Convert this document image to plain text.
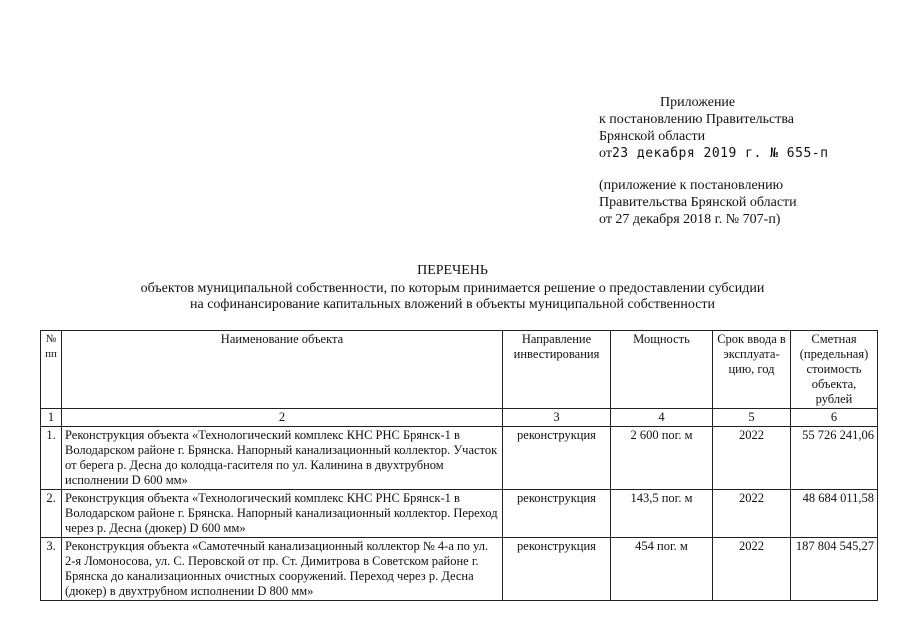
Приложение
к постановлению Правительства
Брянской области
от23 декабря 2019 г. № 655-п
(приложение к постановлению
Правительства Брянской области
от 27 декабря 2018 г. № 707-п)
ПЕРЕЧЕНЬ
объектов муниципальной собственности, по которым принимается решение о предоставлении субсидии
на софинансирование капитальных вложений в объекты муниципальной собственности
№ пп	Наименование объекта	Направление инвестирования	Мощность	Срок ввода в эксплуата-цию, год	Сметная (предельная) стоимость объекта, рублей
1	2	3	4	5	6
1.	Реконструкция объекта «Технологический комплекс КНС РНС Брянск-1 в Володарском районе г. Брянска. Напорный канализационный коллектор. Участок от берега р. Десна до колодца-гасителя по ул. Калинина в двухтрубном исполнении D 600 мм»	реконструкция	2 600 пог. м	2022	55 726 241,06
2.	Реконструкция объекта «Технологический комплекс КНС РНС Брянск-1 в Володарском районе г. Брянска. Напорный канализационный коллектор. Переход через р. Десна (дюкер) D 600 мм»	реконструкция	143,5 пог. м	2022	48 684 011,58
3.	Реконструкция объекта «Самотечный канализационный коллектор № 4-а по ул. 2-я Ломоносова, ул. С. Перовской от пр. Ст. Димитрова в Советском районе г. Брянска до канализационных очистных сооружений. Переход через р. Десна (дюкер) в двухтрубном исполнении D 800 мм»	реконструкция	454 пог. м	2022	187 804 545,27
